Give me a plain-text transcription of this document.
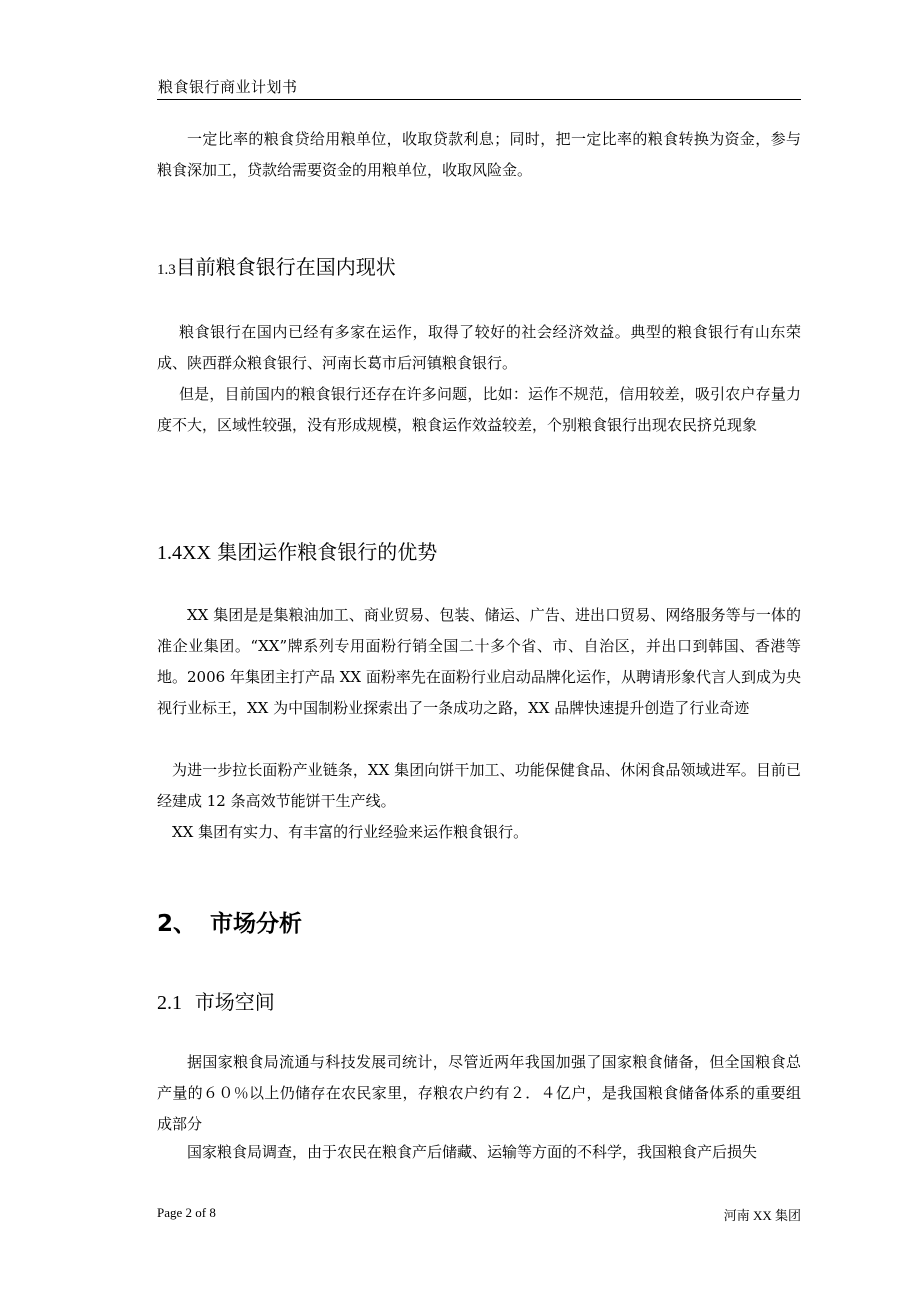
粮食银行商业计划书
一定比率的粮食贷给用粮单位，收取贷款利息；同时，把一定比率的粮食转换为资金，参与粮食深加工，贷款给需要资金的用粮单位，收取风险金。
1.3目前粮食银行在国内现状
粮食银行在国内已经有多家在运作，取得了较好的社会经济效益。典型的粮食银行有山东荣成、陕西群众粮食银行、河南长葛市后河镇粮食银行。
但是，目前国内的粮食银行还存在许多问题，比如：运作不规范，信用较差，吸引农户存量力度不大，区域性较强，没有形成规模，粮食运作效益较差，个别粮食银行出现农民挤兑现象
1.4XX 集团运作粮食银行的优势
XX 集团是是集粮油加工、商业贸易、包装、储运、广告、进出口贸易、网络服务等与一体的准企业集团。“XX”牌系列专用面粉行销全国二十多个省、市、自治区，并出口到韩国、香港等地。2006 年集团主打产品 XX 面粉率先在面粉行业启动品牌化运作，从聘请形象代言人到成为央视行业标王，XX 为中国制粉业探索出了一条成功之路，XX 品牌快速提升创造了行业奇迹
为进一步拉长面粉产业链条，XX 集团向饼干加工、功能保健食品、休闲食品领域进军。目前已经建成 12 条高效节能饼干生产线。
XX 集团有实力、有丰富的行业经验来运作粮食银行。
2、 市场分析
2.1 市场空间
据国家粮食局流通与科技发展司统计，尽管近两年我国加强了国家粮食储备，但全国粮食总产量的６０％以上仍储存在农民家里，存粮农户约有２．４亿户，是我国粮食储备体系的重要组成部分
国家粮食局调查，由于农民在粮食产后储藏、运输等方面的不科学，我国粮食产后损失
Page 2 of 8	河南 XX 集团
